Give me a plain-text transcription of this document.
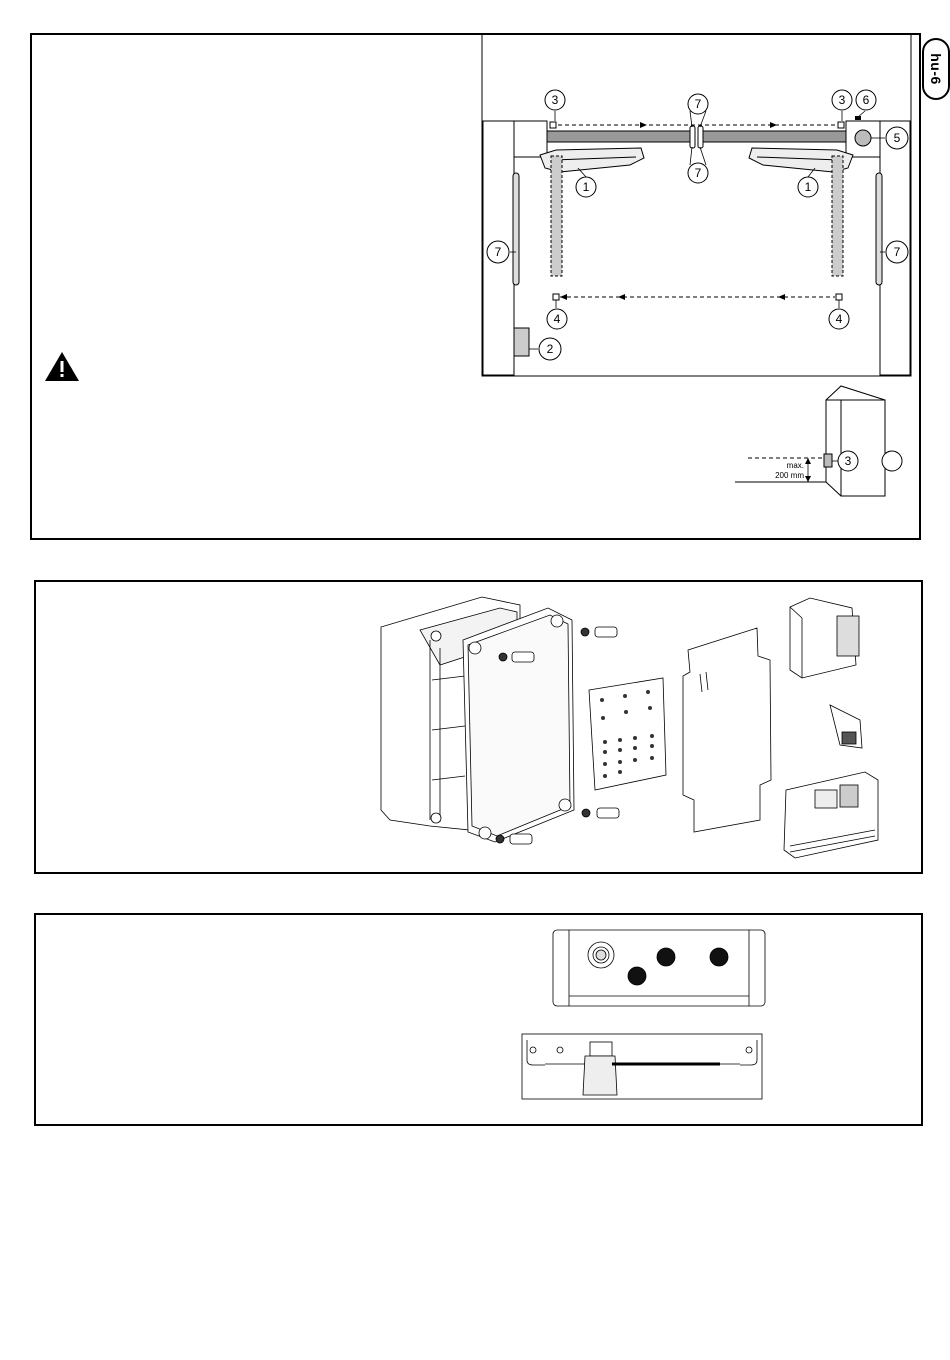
hu-6
3	3 6
5
7
7
1	1
7	7
4	4
2
3
max.
200 mm
